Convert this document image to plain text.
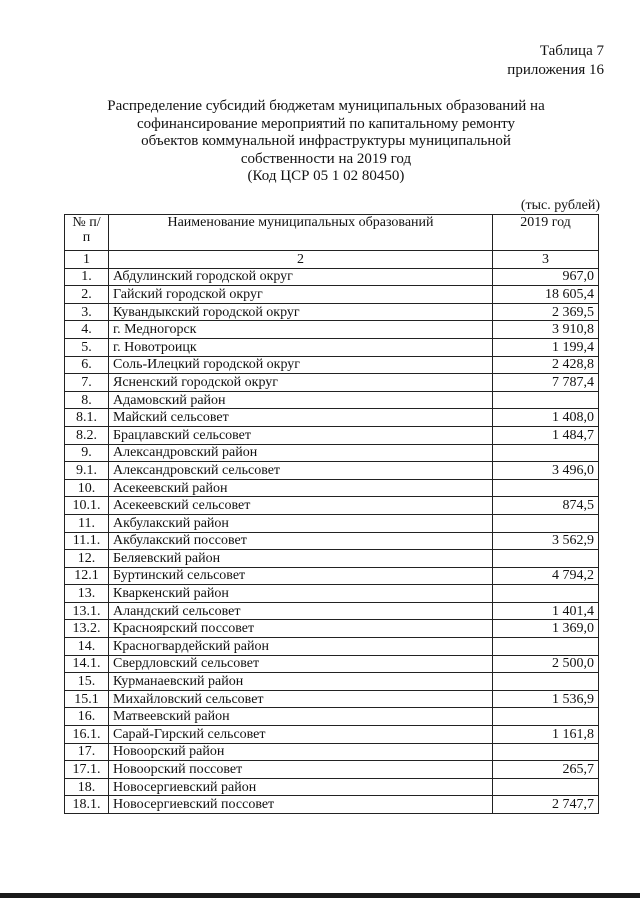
Таблица 7
приложения 16
Распределение субсидий бюджетам муниципальных образований на
софинансирование мероприятий по капитальному ремонту
объектов коммунальной инфраструктуры муниципальной
собственности на 2019 год
(Код ЦСР 05 1 02 80450)
(тыс. рублей)
№ п/п	Наименование муниципальных образований	2019 год
1	2	3
1.	Абдулинский городской округ	967,0
2.	Гайский городской округ	18 605,4
3.	Кувандыкский городской округ	2 369,5
4.	г. Медногорск	3 910,8
5.	г. Новотроицк	1 199,4
6.	Соль-Илецкий городской округ	2 428,8
7.	Ясненский городской округ	7 787,4
8.	Адамовский район	
8.1.	Майский сельсовет	1 408,0
8.2.	Брацлавский сельсовет	1 484,7
9.	Александровский район	
9.1.	Александровский сельсовет	3 496,0
10.	Асекеевский район	
10.1.	Асекеевский сельсовет	874,5
11.	Акбулакский район	
11.1.	Акбулакский поссовет	3 562,9
12.	Беляевский район	
12.1	Буртинский сельсовет	4 794,2
13.	Кваркенский район	
13.1.	Аландский сельсовет	1 401,4
13.2.	Красноярский поссовет	1 369,0
14.	Красногвардейский район	
14.1.	Свердловский сельсовет	2 500,0
15.	Курманаевский район	
15.1	Михайловский сельсовет	1 536,9
16.	Матвеевский район	
16.1.	Сарай-Гирский сельсовет	1 161,8
17.	Новоорский район	
17.1.	Новоорский поссовет	265,7
18.	Новосергиевский район	
18.1.	Новосергиевский поссовет	2 747,7
